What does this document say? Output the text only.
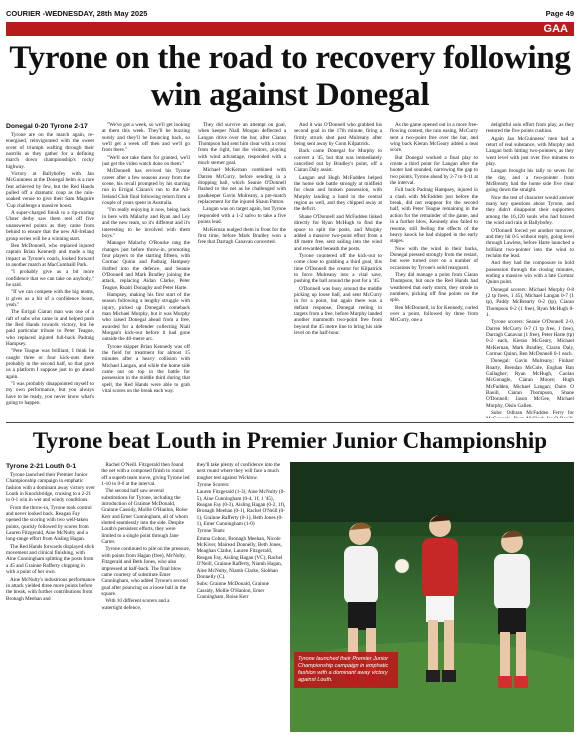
COURIER -WEDNESDAY, 28th May 2025	Page 49
GAA
Tyrone on the road to recovery following win against Donegal

Donegal 0-20 Tyrone 2-17

Tyrone are on the march again, re-energised, reinvigorated with the sweet scent of triumph wafting through their nostrils as they gather for a defining march down championship's rocky highway.

Victory at Ballybofey with Jan McGuinness at the Donegal helm is a rare feat achieved by few, but the Red Hands pulled off a dramatic coup as the rain-soaked venue to give their Sam Maguire 'Cup challenge a massive boost.

A super-charged finish to a rip-roaring Ulster derby saw them reel off five unanswered points as they came from behind to ensure that the new All-Ireland group series will be a winning start.

Ben McDonnell, who replaced injured captain Brian Kennedy and made a big impact as Tyrone's coach, looked forward to another match at MacCumhaill Park.

"I probably give as a bit more confidence that we can take on anybody," he said.

"If we can compete with the big teams, it gives us a bit of a confidence boost, yeah."

The Errigal Ciaran man was one of a raft of subs who came in and helped push the Red Hands towards victory, but he paid particular tribute to Peter Teague, who replaced injured full-back Padraig Hampsey.

"Pete Teague was brilliant, I think he caught three or four kick-outs there probably in the second half, so that gave us a platform I suppose just to go ahead again.

"I was probably disappointed myself to my own performance, but you always have to be ready, you never know what's going to happen.

"We've got a week, so we'll get looking at them this week. They'll be buzzing surely and they'll be bouncing back, so we'll get a week off then and we'll go from there."

"We'll not take them for granted, we'll just get the video watch done on them."

McDonnell has revived his Tyrone career after a few seasons away from the scene, his recall prompted by his starring run in Errigal Ciaran's run to the All-Ireland Club final following return from a couple of years spent in Australia.

"I'm really enjoying it now, being back in here with Malachy and Ryan and Ley and the new team, so it's different and it's interesting to be involved with them boys."

Manager Malachy O'Rourke rang the changes just before throw-in, promoting four players to the starting fifteen, with Cormac Quinn and Padraig Hampsey drafted into the defence, and Seanie O'Donnell and Mark Bradley joining the attack, replacing Aidan Clarke, Peter Teague, Ruairi Donaghy and Peter Harte.

Hampsey, making his first start of the season following a lengthy struggle with injury, picked up Donegal's comeback man Michael Murphy, but it was Murphy who raised Donegal ahead from a free, awarded for a defender collecting Niall Morgan's kick-out before it had gone outside the 40-metre arc.

Tyrone skipper Brian Kennedy was off the field for treatment for almost 15 minutes after a heavy collision with Michael Langan, and while the home side came out on top in the battle for possession in the middle third during that spell, the Red Hands were able to grab vital scores on the break each way.

They did survive an attempt on goal, when keeper Niall Morgan deflected a Langan drive over the bar, after Ciaran Thompson had sent him clear with a cross from the right, but the visitors, playing with wind advantage, responded with a much sterner goal.

Michael McKernan combined with Darren McCurry, before sending in a dropping ball, which Seanie O'Donnell flashed to the net as he challenged with goalkeeper Gavin Mulreany, a pre-match replacement for the injured Shaun Patton.

Langan was on target again, but Tyrone responded with a 1-2 salvo to take a five points lead.

McKernan nudged them in front for the first time, before Mark Bradley won a free that Darragh Canavan converted.

And it was O'Donnell who grabbed his second goal in the 17th minute, firing a firmly struck shot past Mulreany after being sent away by Conn Kilpatrick.

Back came Donegal for Murphy to convert a '45, but that was immediately cancelled out by Bradley's point, off a Ciaran Daly assist.

Langan and Hugh McFadden helped the home side battle strongly at midfield for clean and broken possession, with Murphy landing a hand in the central region as well, and they chipped away at the deficit.

Shane O'Donnell and McFadden linked directly for Ryan McHugh to find the space to split the posts, and Murphy added a massive two-point effort from a 48 metre free, sent sailing into the wind and rewarded beneath the posts.

Tyrone countered off the kick-out to come close to grabbing a third goal, this time O'Donnell the creator for Kilpatrick to force Mulreany into a vital save, pushing the ball around the post for a '45.

O'Donnell was busy around the middle picking up loose ball, and sent McCurry in for a point, but again there was a defiant response, Donegal reeling in targets from a free, before Murphy landed another mammoth two-point free from beyond the 45 metre line to bring his side level on the half-hour.

As the game opened out in a more free-flowing contest, the rain easing, McCurry sent a two-point free over the bar, and wing back Kieran McGeary added a neat score.

But Donegal worked a final play to create a third point for Langan after the hooter had sounded, narrowing the gap to two points, Tyrone ahead by 2-7 to 0-11 at the interval.

Full back Padraig Hampsey, injured in a clash with McFadden just before the break, did not reappear for the second half, with Peter Teague remaining in the action for the remainder of the game, and in a further blow, Kennedy also failed to resume, still feeling the effects of the heavy knock he had shipped in the early stages.

Now with the wind in their backs, Donegal pressed strongly from the restart, but were turned over on a number of occasions by Tyrone's solid rearguard.

They did manage a point from Ciaran Thompson, but once the Red Hands had weathered that early storm, they strode in numbers, picking off fine points on the spin.

Ben McDonnell, in for Kennedy, curled over a point, followed by three from McCurry, one a

delightful solo effort from play, as they restored the five points cushion.

Again Jan McGuinness' men had a retort of real substance, with Murphy and Langan both hitting two-pointers, as they went level with just over five minutes to play.

Langan brought his tally to seven for the day, and a two-pointer from McBrearty had the home side five clear going down the straight.

Now the test of character would answer many key questions about Tyrone, and they didn't disappoint their supporters among the 16,120 souls who had braved the wind and rain in Ballybofey.

O'Donnell forced yet another turnover, and they hit 0-5 without reply, going level through Lawless, before Harte launched a brilliant two-pointer into the wind to reclaim the lead.

And they had the composure to hold possession through the closing minutes, ending a massive win with a late Cormac Quinn point.

Donegal scorers: Michael Murphy 0-8 (2 tp frees, 1 45), Michael Langan 0-7 (1 tp), Paddy McBrearty 0-2 (tp), Ciaran Thompson 0-2 (1 free), Ryan McHugh 0-1.

Tyrone scorers: Seanie O'Donnell 2-0, Darren McCurry 0-7 (1 tp free, 1 free), Darragh Canavan (1 free), Peter Harte (tp) 0-2 each, Kieran McGeary, Michael McKernan, Mark Bradley, Ciaran Daly, Cormac Quinn, Ben McDonnell 0-1 each.

Donegal: Gavin Mulreany; Finbarr Roarty, Brendan McCole, Eoghan Ban Gallagher; Ryan McHugh, Caolan McGonagle, Ciaran Moore; Hugh McFadden, Michael Langan; Daire O Baoill, Ciaran Thompson, Shane O'Donnell; Jason McGee, Michael Murphy, Oisin Gallen.

Subs: Odhran McFadden Ferry for

Tyrone beat Louth in Premier Junior Championship

Tyrone 2-21 Louth 0-1

Tyrone launched their Premier Junior Championship campaign in emphatic fashion with a dominant away victory over Louth in Knockbridge, cruising to a 2-21 to 0-1 win in wet and windy conditions.

From the throw-in, Tyrone took control and never looked back. Reagan Fay opened the scoring with two well-taken points, quickly followed by scores from Lauren Fitzgerald, Aine McNulty and a long-range effort from Aisling Hagan.

The Red Hands forwards displayed slick movement and clinical finishing, with Aine Cunningham splitting the posts from a 45 and Grainne Rafferty chipping in with a point of her own.

Aine McNulty's industrious performance in attack yielded three more points before the break, with further contributions from Bronagh Meehan and

Rachel O'Neill. Fitzgerald then found the net with a composed finish to round off a superb team move, giving Tyrone led 1-10 to 0-0 at the interval.

The second half saw several substitutions for Tyrone, including the introduction of Grainne McDonald, Grainne Cassidy, Mollie O'Hanlon, Roise Kerr and Emer Cunningham, all of whom slotted seamlessly into the side. Despite Louth's persistent efforts, they were limited to a single point through Jane Carter.

Tyrone continued to pile on the pressure, with points from Hagan (free), McNulty, Fitzgerald and Beth Jones, who also impressed at half-back. The final blow came courtesy of substitute Emer Cunningham, who added Tyrone's second goal after pouncing on a loose ball in the square.

With 10 different scorers and a watertight defence,

they'll take plenty of confidence into the next round where they will face a much tougher test against Wicklow.

Tyrone Scorers:

Lauren Fitzgerald (1-3), Aine McNulty (0-5), Aine Cunningham (0-4, 1f, 1 '45), Reagan Fay (0-3), Aisling Hagan (0-2, 1f), Bronagh Meehan (0-1), Rachel O'Neill (0-1), Grainne Rafferty (0-1), Beth Jones (0-1), Emer Cunningham (1-0)

Tyrone Team:

Emma Colton, Bronagh Meehan, Nicole McKiver, Mairead Donnelly, Beth Jones, Meaghan Clarke, Lauren Fitzgerald, Reagan Fay, Aisling Hagan (VC), Rachel O'Neill, Grainne Rafferty, Niamh Hagan, Aine McNulty, Niamh Clarke, Siobhan Donnelly (C).

Subs: Grainne McDonald, Grainne Cassidy, Mollie O'Hanlon, Emer Cunningham, Roise Kerr

Tyrone launched their Premier Junior Championship campaign in emphatic fashion with a dominant away victory against Louth.
